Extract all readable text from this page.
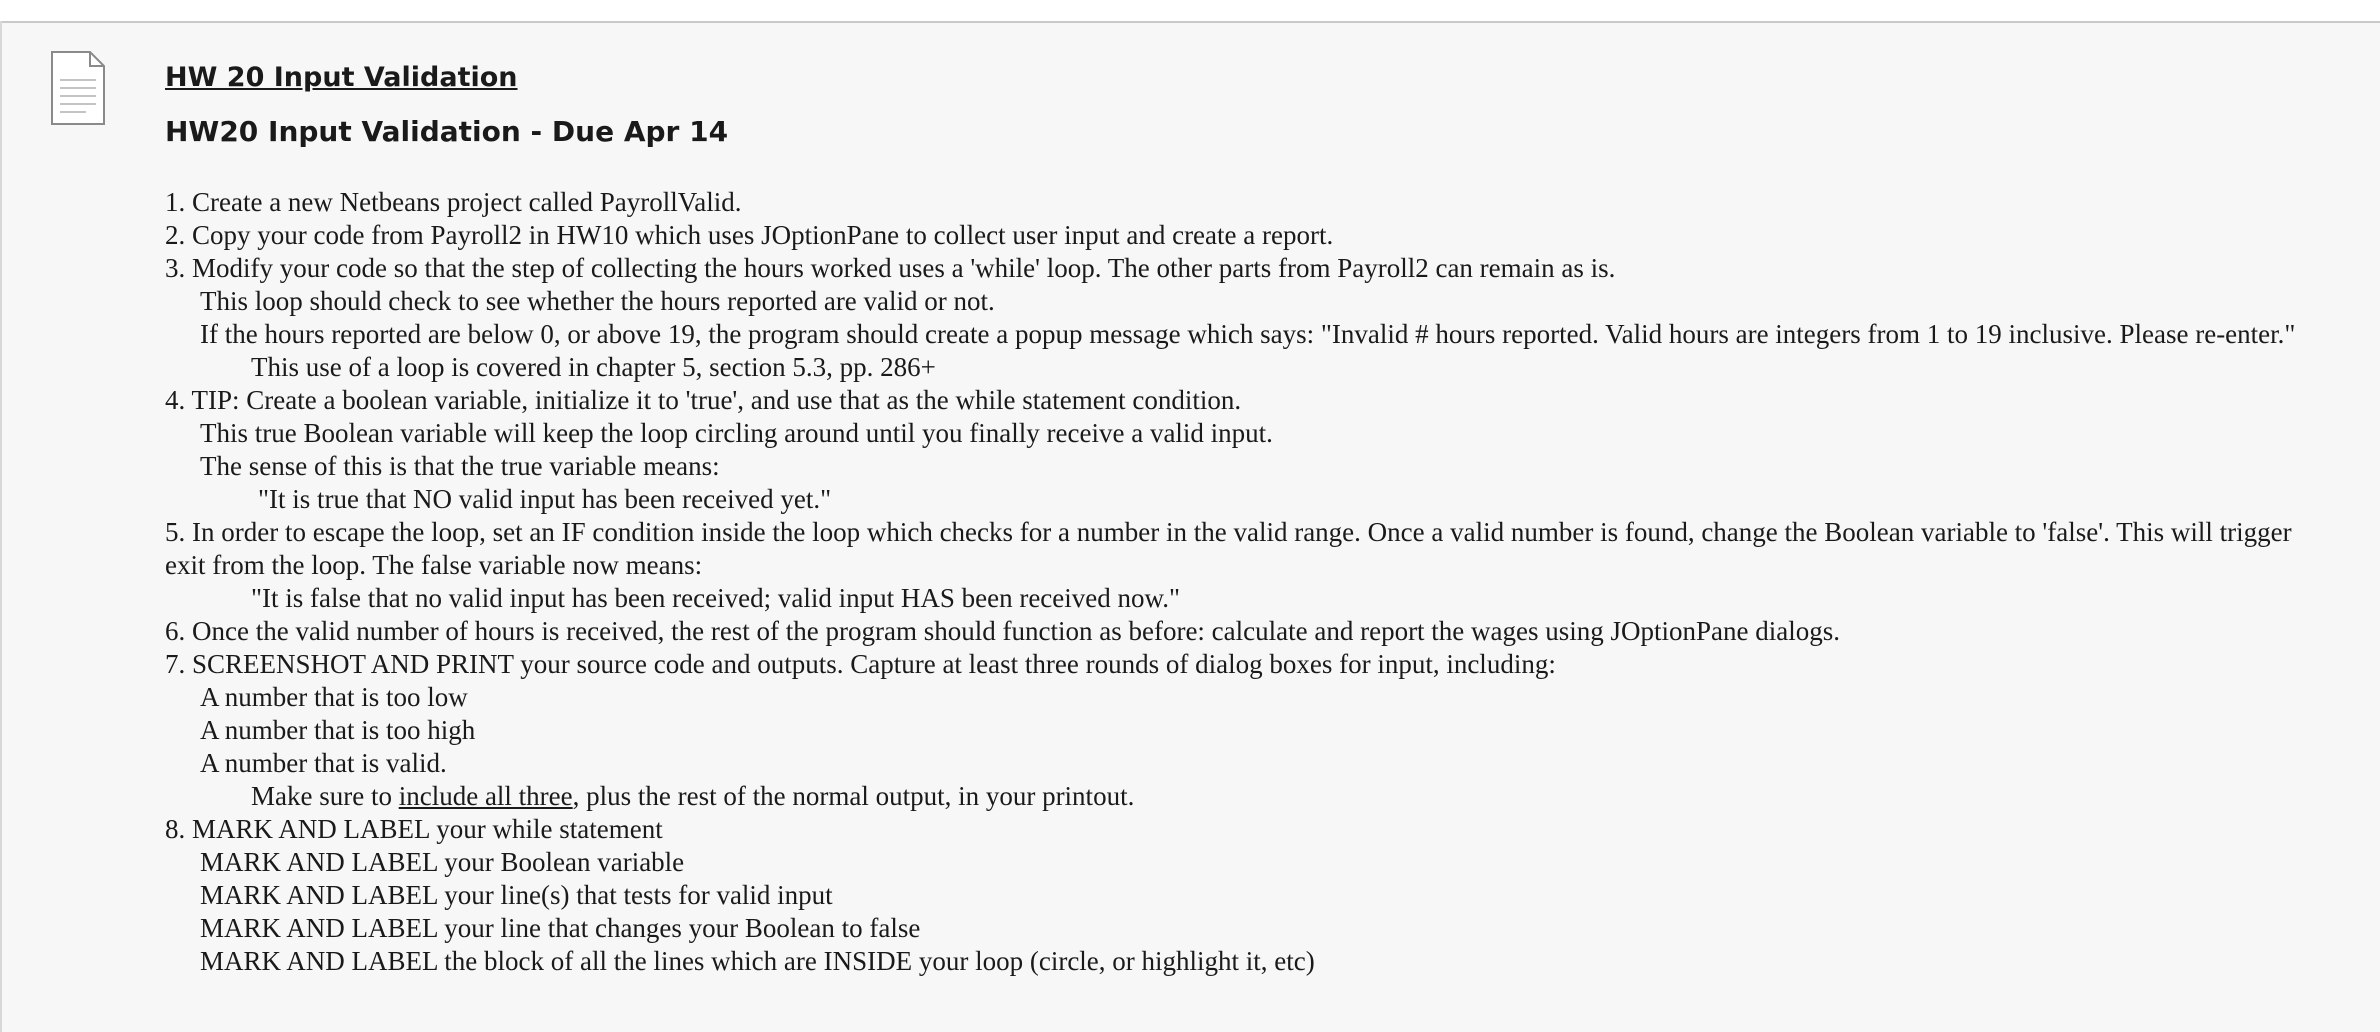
HW 20 Input Validation
HW20 Input Validation - Due Apr 14
1. Create a new Netbeans project called PayrollValid.
2. Copy your code from Payroll2 in HW10 which uses JOptionPane to collect user input and create a report.
3. Modify your code so that the step of collecting the hours worked uses a 'while' loop. The other parts from Payroll2 can remain as is.
This loop should check to see whether the hours reported are valid or not.
If the hours reported are below 0, or above 19, the program should create a popup message which says: "Invalid # hours reported. Valid hours are integers from 1 to 19 inclusive. Please re-enter."
This use of a loop is covered in chapter 5, section 5.3, pp. 286+
4. TIP: Create a boolean variable, initialize it to 'true', and use that as the while statement condition.
This true Boolean variable will keep the loop circling around until you finally receive a valid input.
The sense of this is that the true variable means:
"It is true that NO valid input has been received yet."
5. In order to escape the loop, set an IF condition inside the loop which checks for a number in the valid range. Once a valid number is found, change the Boolean variable to 'false'. This will trigger exit from the loop. The false variable now means:
"It is false that no valid input has been received; valid input HAS been received now."
6. Once the valid number of hours is received, the rest of the program should function as before: calculate and report the wages using JOptionPane dialogs.
7. SCREENSHOT AND PRINT your source code and outputs. Capture at least three rounds of dialog boxes for input, including:
A number that is too low
A number that is too high
A number that is valid.
Make sure to include all three, plus the rest of the normal output, in your printout.
8. MARK AND LABEL your while statement
MARK AND LABEL your Boolean variable
MARK AND LABEL your line(s) that tests for valid input
MARK AND LABEL your line that changes your Boolean to false
MARK AND LABEL the block of all the lines which are INSIDE your loop (circle, or highlight it, etc)
